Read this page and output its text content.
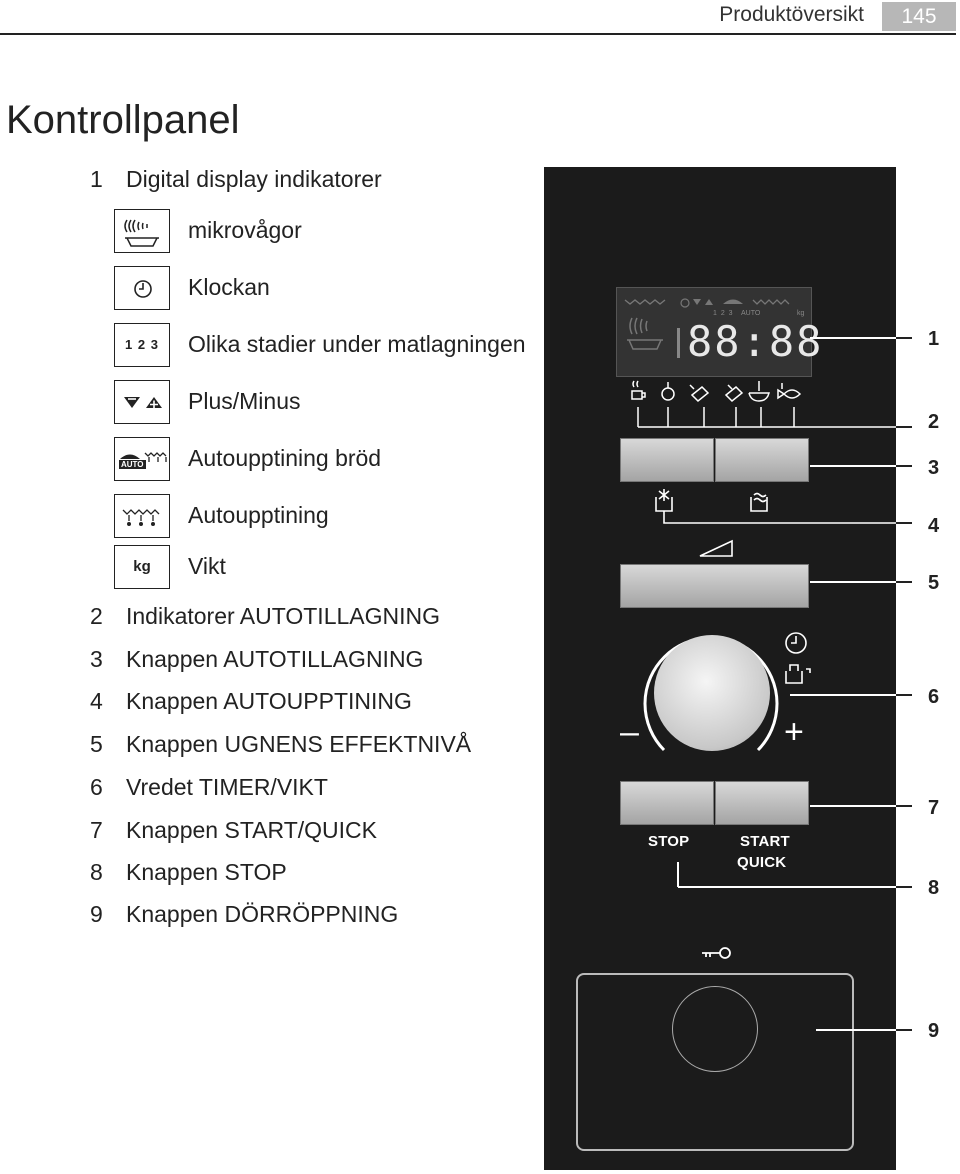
Produktöversikt	145
Kontrollpanel
1 Digital display indikatorer
mikrovågor
Klockan
1 2 3	Olika stadier under matlagningen
Plus/Minus
AUTO Autoupptining bröd
Autoupptining
kg	Vikt
2 Indikatorer AUTOTILLAGNING
3 Knappen AUTOTILLAGNING
4 Knappen AUTOUPPTINING
5 Knappen UGNENS EFFEKTNIVÅ
6 Vredet TIMER/VIKT
7 Knappen START/QUICK
8 Knappen STOP
9 Knappen DÖRRÖPPNING
1 2 3 AUTO	kg
88:88
–	+
STOP	START
QUICK
1
2
3
4
5
6
7
8
9
